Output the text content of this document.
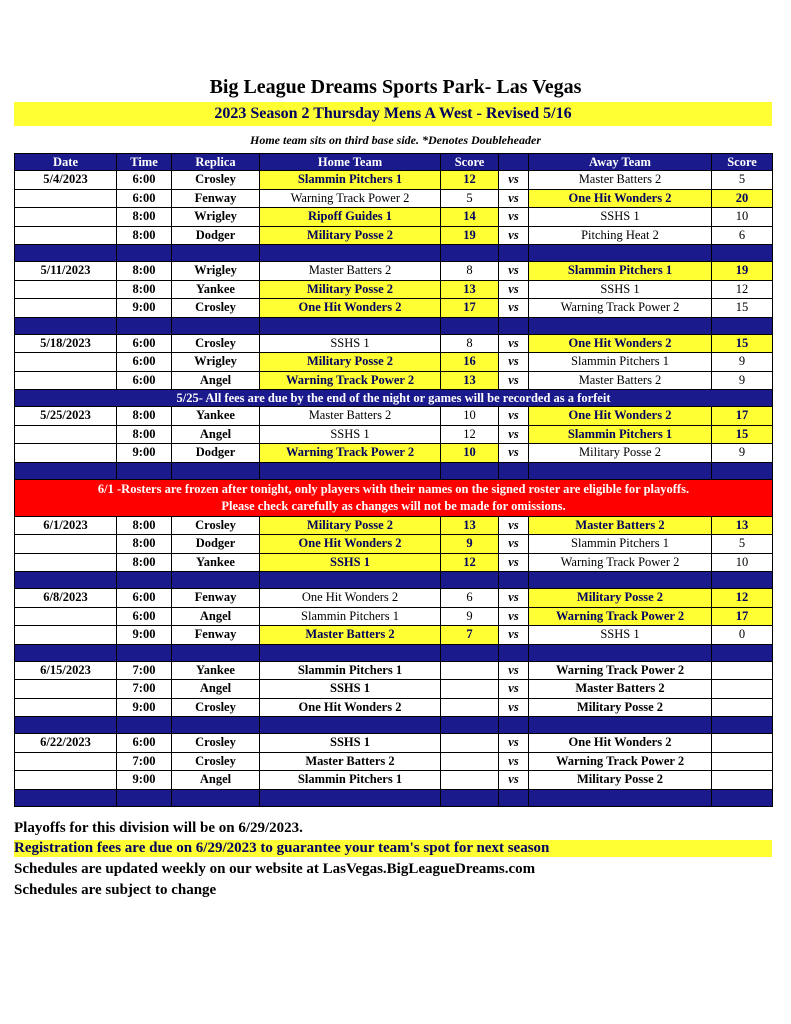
Big League Dreams Sports Park- Las Vegas
2023 Season 2 Thursday Mens A West - Revised 5/16
Home team sits on third base side. *Denotes Doubleheader
Date	Time	Replica	Home Team	Score		Away Team	Score
5/4/2023	6:00	Crosley	Slammin Pitchers 1	12	vs	Master Batters 2	5
	6:00	Fenway	Warning Track Power 2	5	vs	One Hit Wonders 2	20
	8:00	Wrigley	Ripoff Guides 1	14	vs	SSHS 1	10
	8:00	Dodger	Military Posse 2	19	vs	Pitching Heat 2	6

5/11/2023	8:00	Wrigley	Master Batters 2	8	vs	Slammin Pitchers 1	19
	8:00	Yankee	Military Posse 2	13	vs	SSHS 1	12
	9:00	Crosley	One Hit Wonders 2	17	vs	Warning Track Power 2	15

5/18/2023	6:00	Crosley	SSHS 1	8	vs	One Hit Wonders 2	15
	6:00	Wrigley	Military Posse 2	16	vs	Slammin Pitchers 1	9
	6:00	Angel	Warning Track Power 2	13	vs	Master Batters 2	9
5/25- All fees are due by the end of the night or games will be recorded as a forfeit							
5/25/2023	8:00	Yankee	Master Batters 2	10	vs	One Hit Wonders 2	17
	8:00	Angel	SSHS 1	12	vs	Slammin Pitchers 1	15
	9:00	Dodger	Warning Track Power 2	10	vs	Military Posse 2	9

6/1 -Rosters are frozen after tonight, only players with their names on the signed roster are eligible for playoffs.
Please check carefully as changes will not be made for omissions.							

6/1/2023	8:00	Crosley	Military Posse 2	13	vs	Master Batters 2	13
	8:00	Dodger	One Hit Wonders 2	9	vs	Slammin Pitchers 1	5
	8:00	Yankee	SSHS 1	12	vs	Warning Track Power 2	10

6/8/2023	6:00	Fenway	One Hit Wonders 2	6	vs	Military Posse 2	12
	6:00	Angel	Slammin Pitchers 1	9	vs	Warning Track Power 2	17
	9:00	Fenway	Master Batters 2	7	vs	SSHS 1	0

6/15/2023	7:00	Yankee	Slammin Pitchers 1		vs	Warning Track Power 2	
	7:00	Angel	SSHS 1		vs	Master Batters 2	
	9:00	Crosley	One Hit Wonders 2		vs	Military Posse 2	

6/22/2023	6:00	Crosley	SSHS 1		vs	One Hit Wonders 2	
	7:00	Crosley	Master Batters 2		vs	Warning Track Power 2	
	9:00	Angel	Slammin Pitchers 1		vs	Military Posse 2	

Playoffs for this division will be on 6/29/2023.
Registration fees are due on 6/29/2023 to guarantee your team's spot for next season
Schedules are updated weekly on our website at LasVegas.BigLeagueDreams.com
Schedules are subject to change
